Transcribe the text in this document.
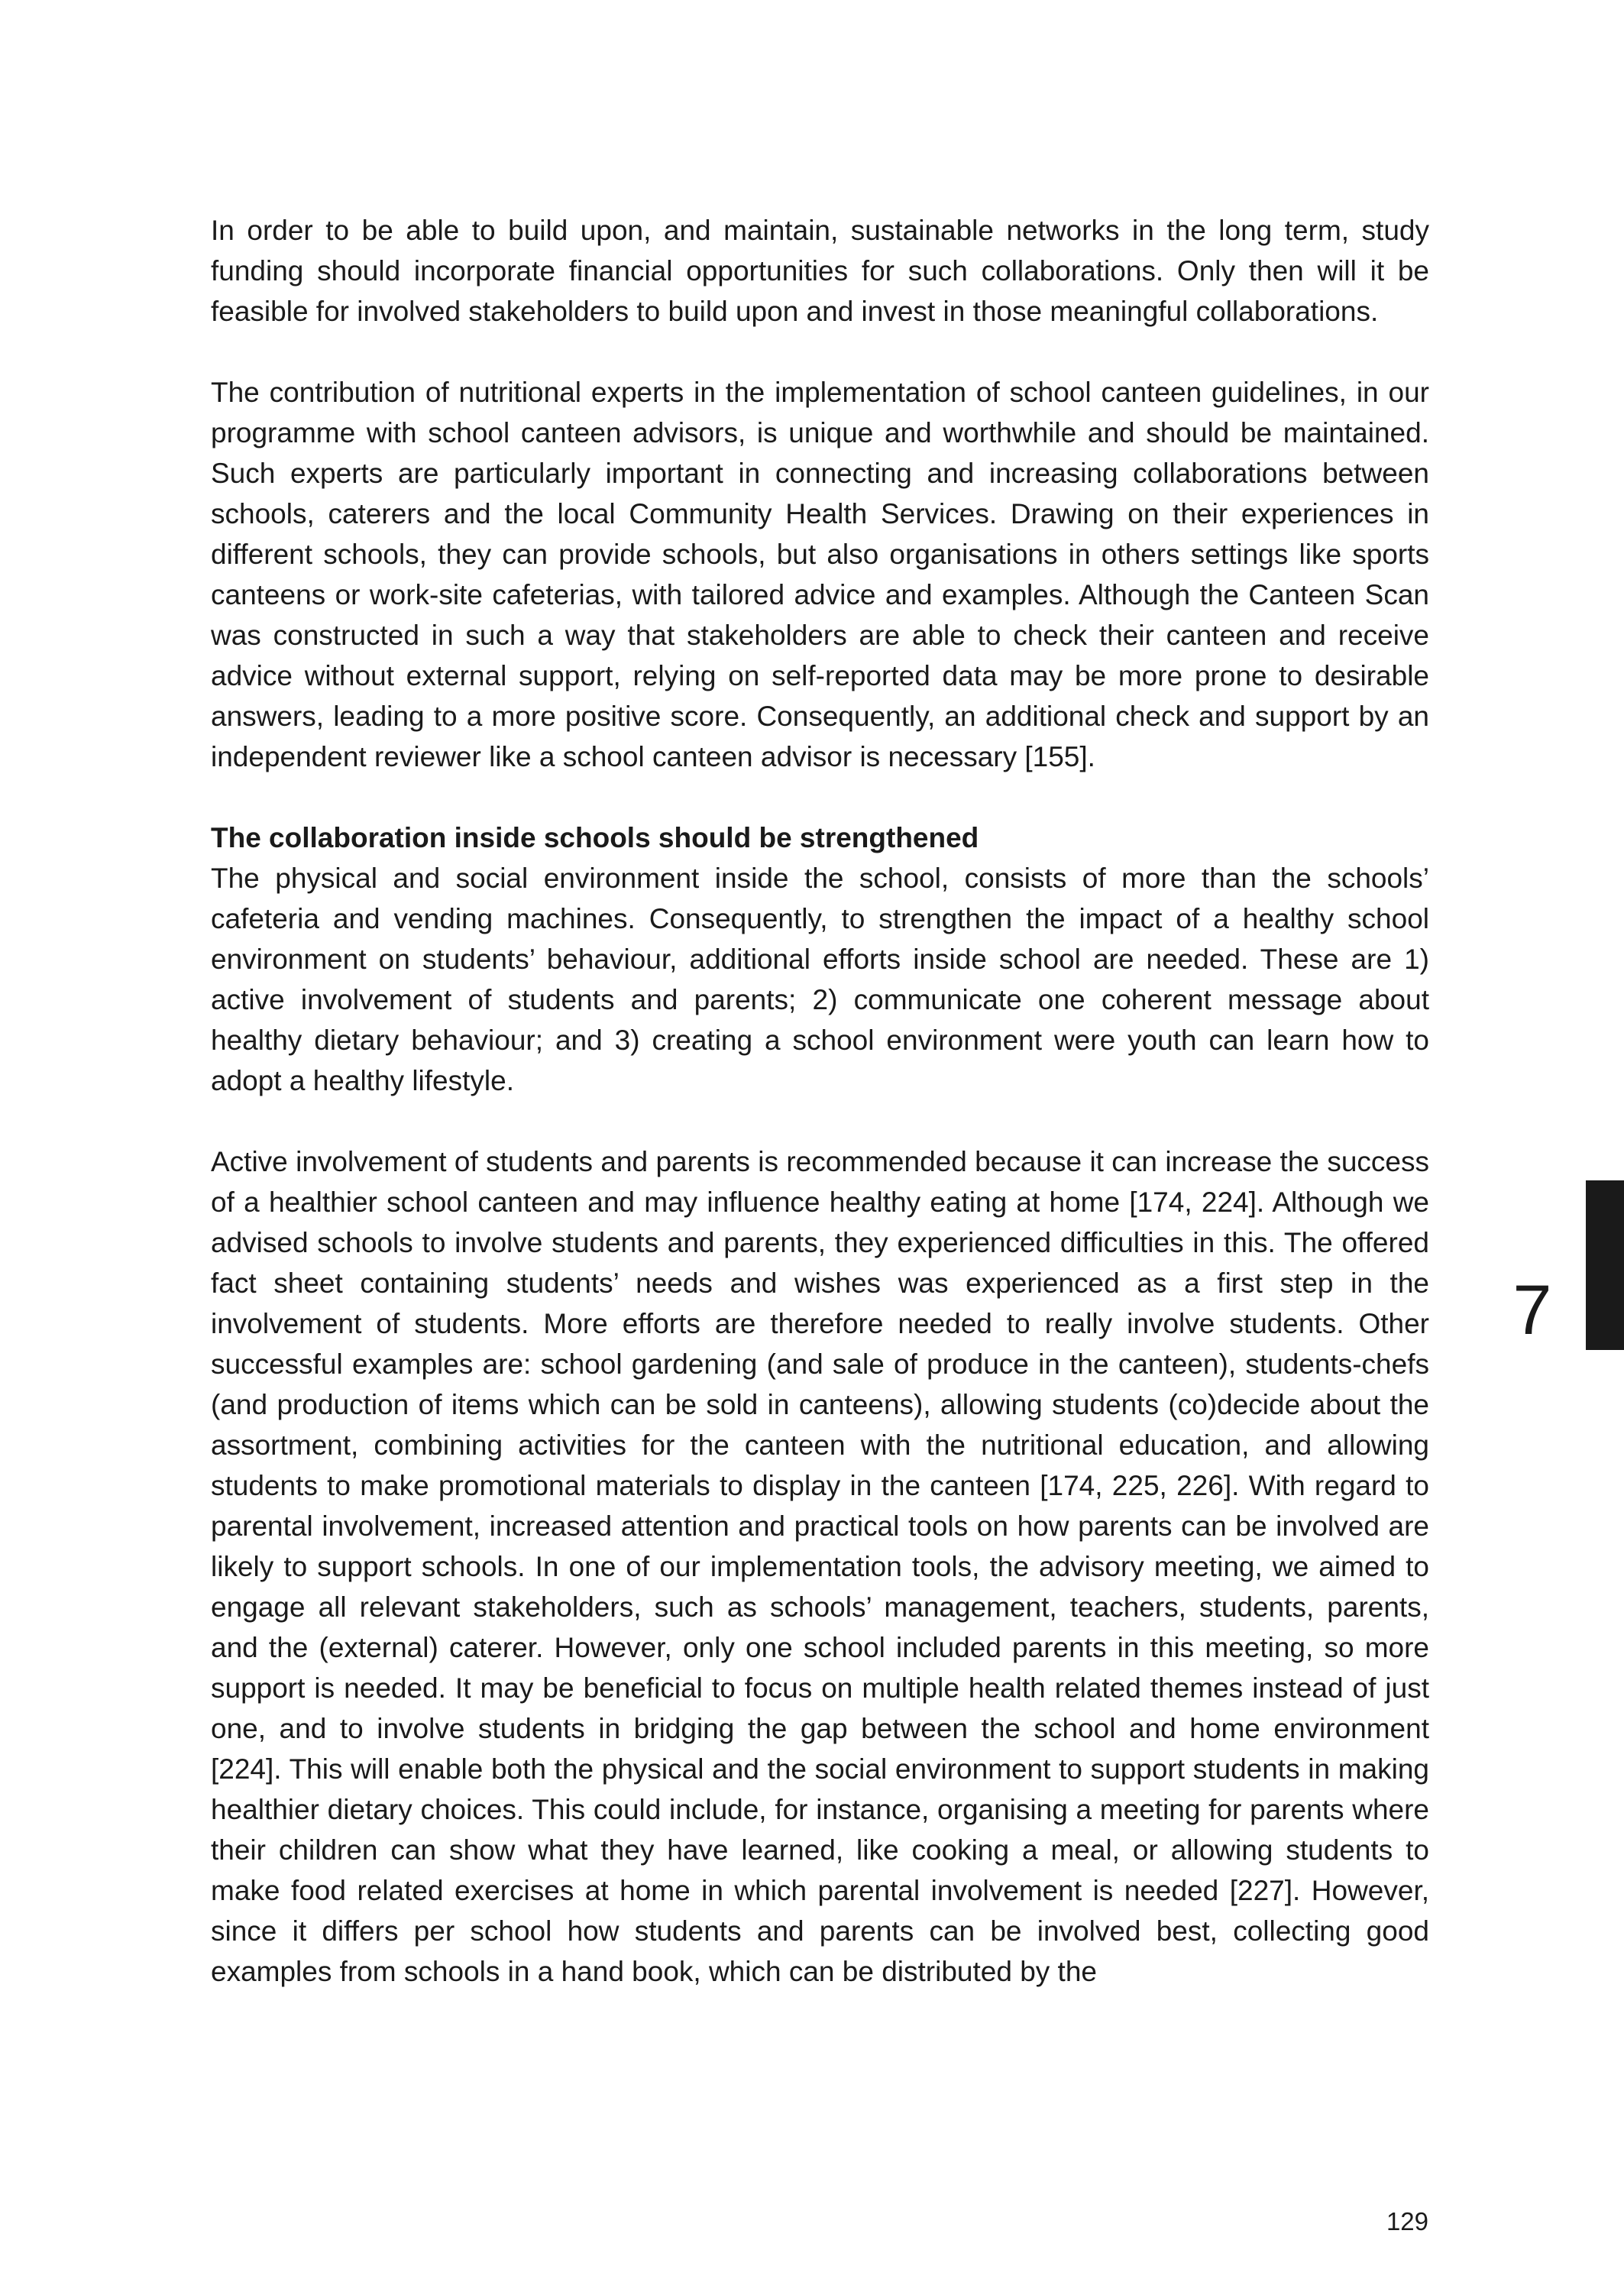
In order to be able to build upon, and maintain, sustainable networks in the long term, study funding should incorporate financial opportunities for such collaborations. Only then will it be feasible for involved stakeholders to build upon and invest in those meaningful collaborations.

The contribution of nutritional experts in the implementation of school canteen guidelines, in our programme with school canteen advisors, is unique and worthwhile and should be maintained. Such experts are particularly important in connecting and increasing collaborations between schools, caterers and the local Community Health Services. Drawing on their experiences in different schools, they can provide schools, but also organisations in others settings like sports canteens or work-site cafeterias, with tailored advice and examples. Although the Canteen Scan was constructed in such a way that stakeholders are able to check their canteen and receive advice without external support, relying on self-reported data may be more prone to desirable answers, leading to a more positive score. Consequently, an additional check and support by an independent reviewer like a school canteen advisor is necessary [155].

The collaboration inside schools should be strengthened

The physical and social environment inside the school, consists of more than the schools’ cafeteria and vending machines. Consequently, to strengthen the impact of a healthy school environment on students’ behaviour, additional efforts inside school are needed. These are 1) active involvement of students and parents; 2) communicate one coherent message about healthy dietary behaviour; and 3) creating a school environment were youth can learn how to adopt a healthy lifestyle.

Active involvement of students and parents is recommended because it can increase the success of a healthier school canteen and may influence healthy eating at home [174, 224]. Although we advised schools to involve students and parents, they experienced difficulties in this. The offered fact sheet containing students’ needs and wishes was experienced as a first step in the involvement of students. More efforts are therefore needed to really involve students. Other successful examples are: school gardening (and sale of produce in the canteen), students-chefs (and production of items which can be sold in canteens), allowing students (co)decide about the assortment, combining activities for the canteen with the nutritional education, and allowing students to make promotional materials to display in the canteen [174, 225, 226]. With regard to parental involvement, increased attention and practical tools on how parents can be involved are likely to support schools. In one of our implementation tools, the advisory meeting, we aimed to engage all relevant stakeholders, such as schools’ management, teachers, students, parents, and the (external) caterer. However, only one school included parents in this meeting, so more support is needed. It may be beneficial to focus on multiple health related themes instead of just one, and to involve students in bridging the gap between the school and home environment [224]. This will enable both the physical and the social environment to support students in making healthier dietary choices. This could include, for instance, organising a meeting for parents where their children can show what they have learned, like cooking a meal, or allowing students to make food related exercises at home in which parental involvement is needed [227]. However, since it differs per school how students and parents can be involved best, collecting good examples from schools in a hand book, which can be distributed by the

7
129
